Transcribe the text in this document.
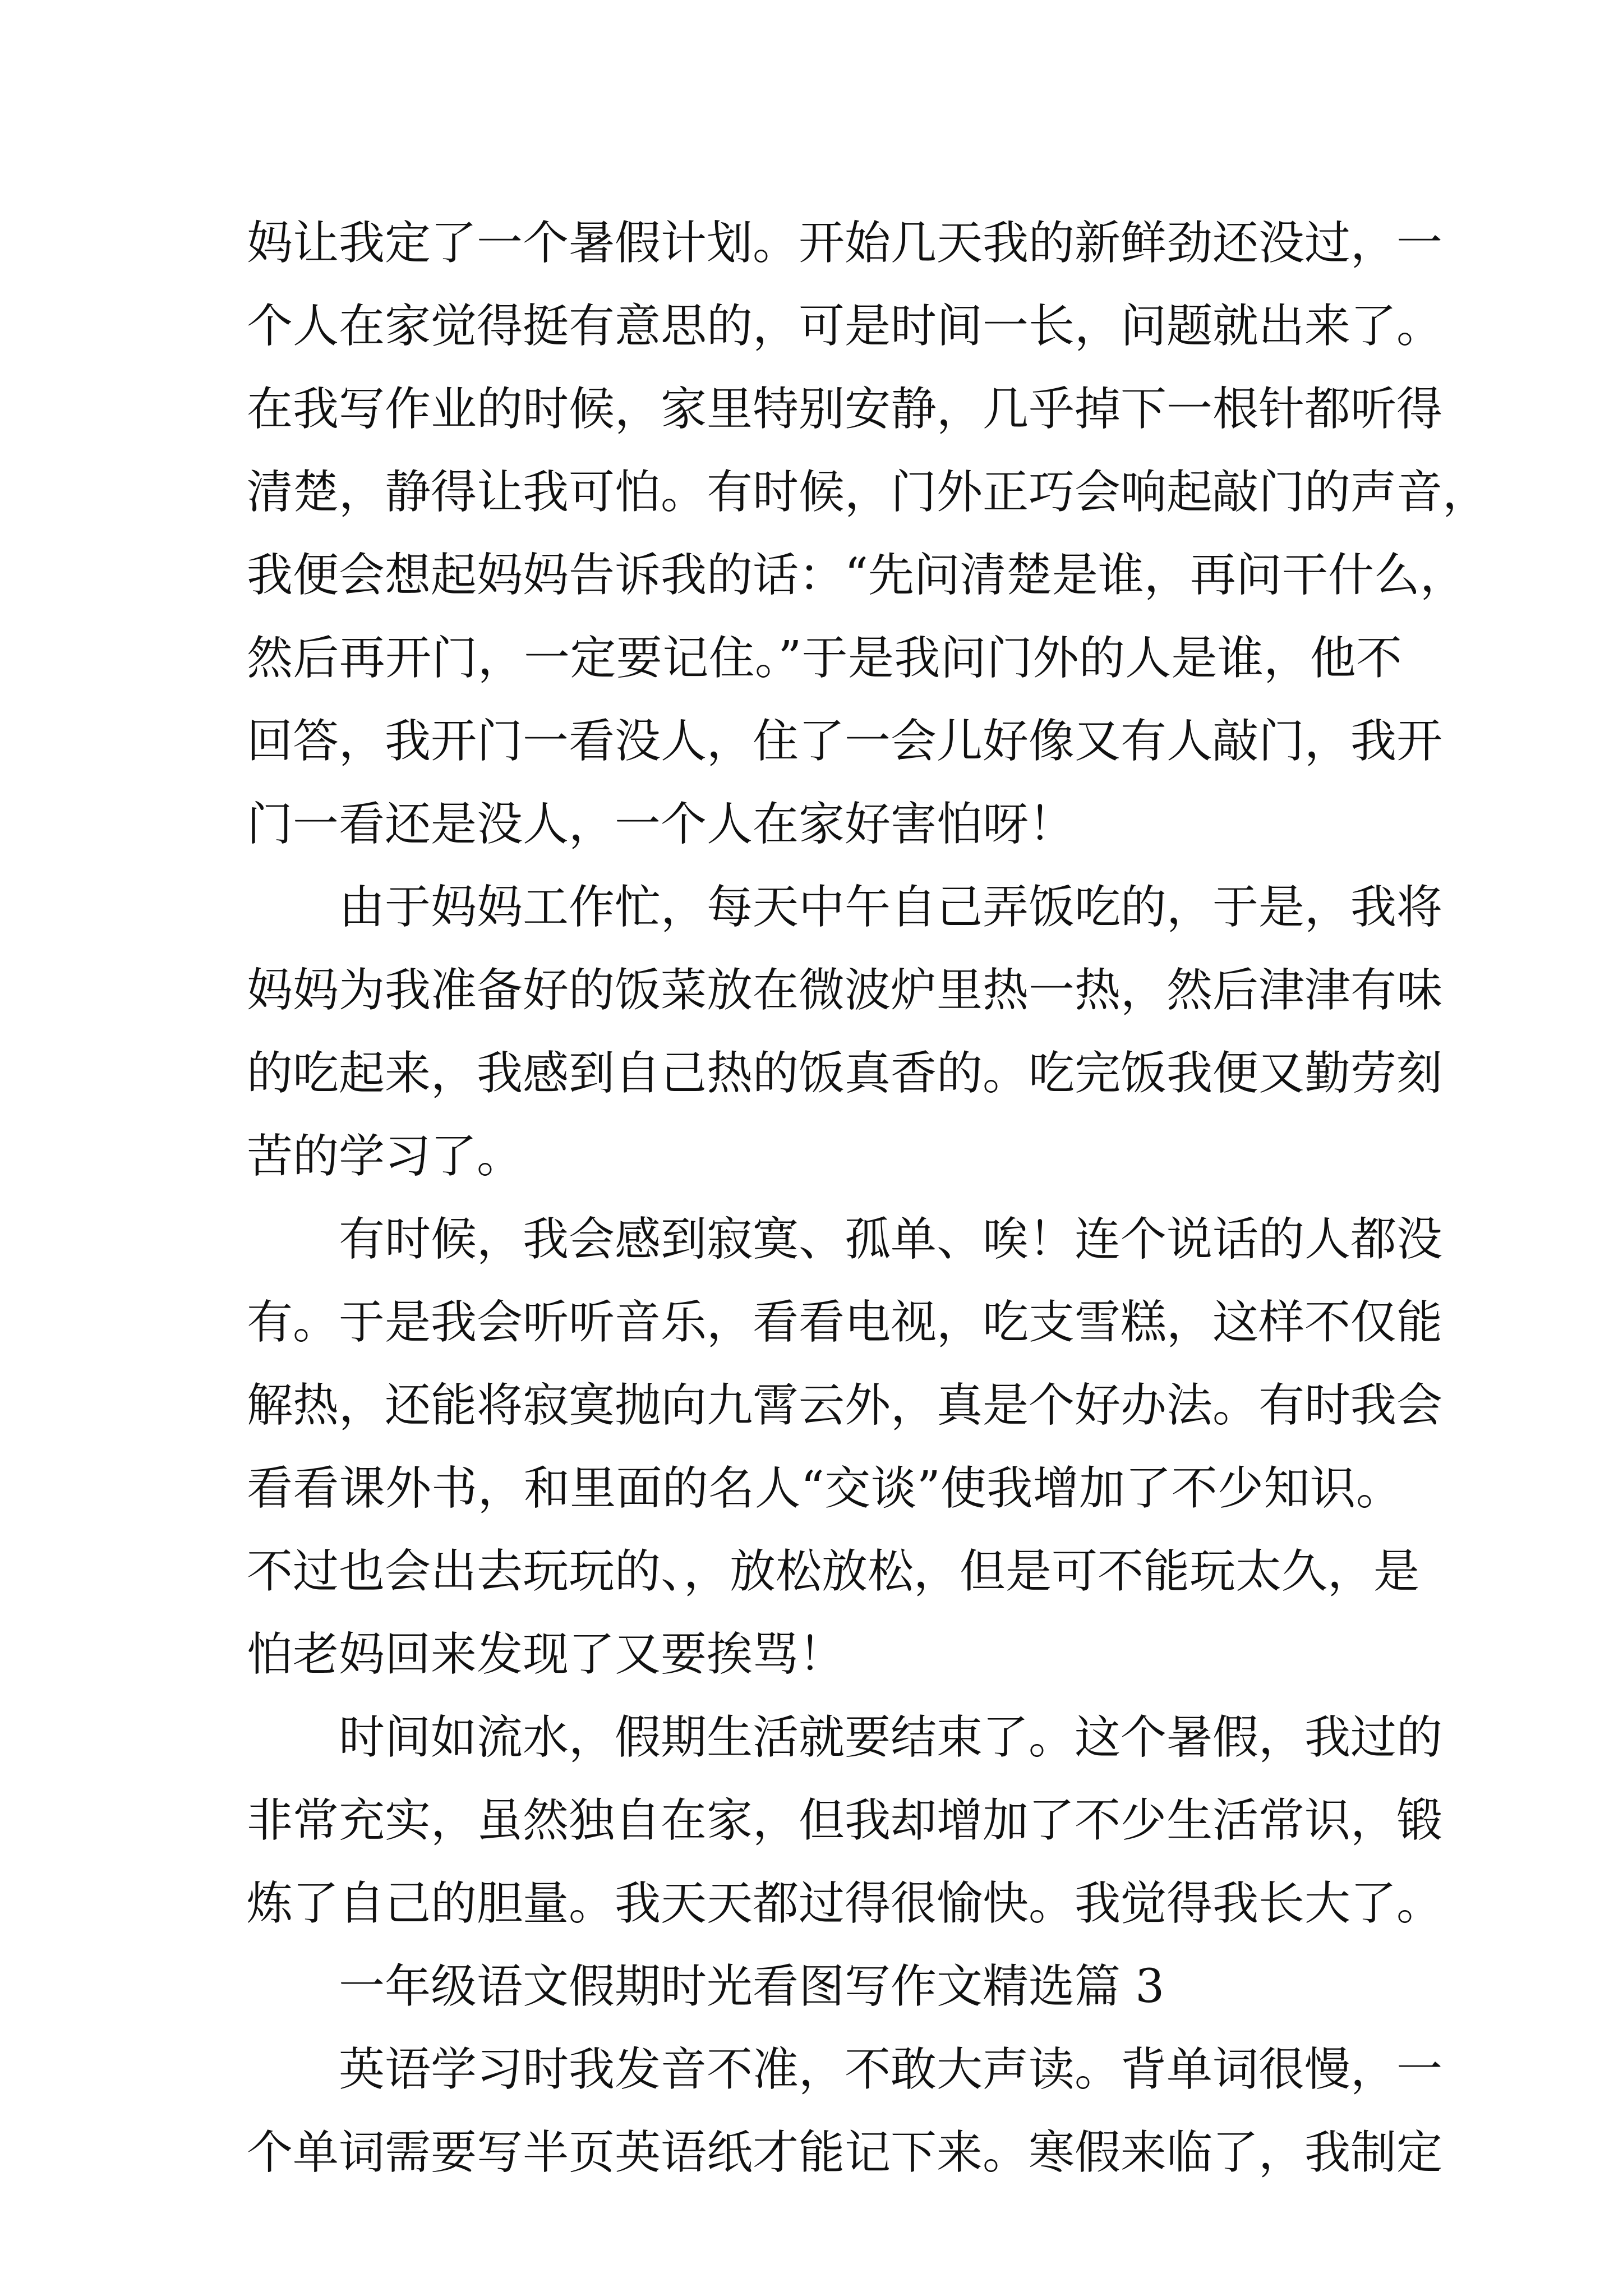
妈让我定了一个暑假计划。开始几天我的新鲜劲还没过，一
个人在家觉得挺有意思的，可是时间一长，问题就出来了。
在我写作业的时候，家里特别安静，几乎掉下一根针都听得
清楚，静得让我可怕。有时候，门外正巧会响起敲门的声音，
我便会想起妈妈告诉我的话：“先问清楚是谁，再问干什么，
然后再开门，一定要记住。”于是我问门外的人是谁，他不
回答，我开门一看没人，住了一会儿好像又有人敲门，我开
门一看还是没人，一个人在家好害怕呀！
由于妈妈工作忙，每天中午自己弄饭吃的，于是，我将
妈妈为我准备好的饭菜放在微波炉里热一热，然后津津有味
的吃起来，我感到自己热的饭真香的。吃完饭我便又勤劳刻
苦的学习了。
有时候，我会感到寂寞、孤单、唉！连个说话的人都没
有。于是我会听听音乐，看看电视，吃支雪糕，这样不仅能
解热，还能将寂寞抛向九霄云外，真是个好办法。有时我会
看看课外书，和里面的名人“交谈”使我增加了不少知识。
不过也会出去玩玩的、，放松放松，但是可不能玩太久，是
怕老妈回来发现了又要挨骂！
时间如流水，假期生活就要结束了。这个暑假，我过的
非常充实，虽然独自在家，但我却增加了不少生活常识，锻
炼了自己的胆量。我天天都过得很愉快。我觉得我长大了。
一年级语文假期时光看图写作文精选篇 3
英语学习时我发音不准，不敢大声读。背单词很慢，一
个单词需要写半页英语纸才能记下来。寒假来临了，我制定
